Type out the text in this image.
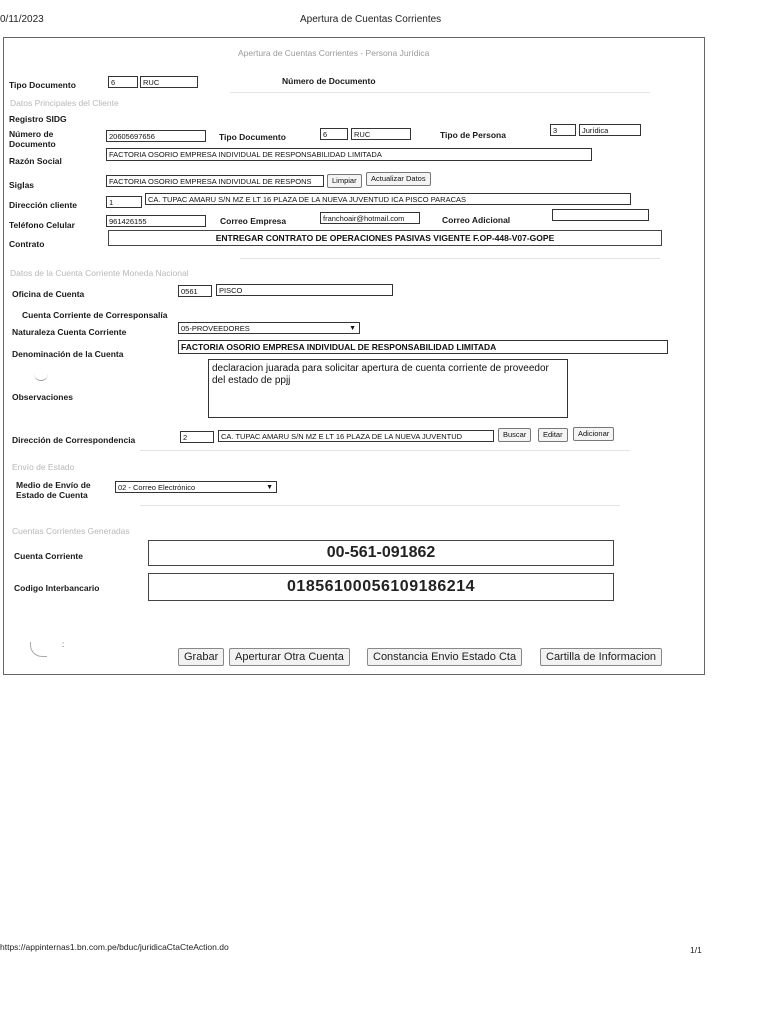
0/11/2023	Apertura de Cuentas Corrientes
Apertura de Cuentas Corrientes - Persona Jurídica
Tipo Documento	6	RUC	Número de Documento
Datos Principales del Cliente
Registro SIDG
Número de Documento
20605697656	Tipo Documento	6	RUC	Tipo de Persona	3	Jurídica
Razón Social
FACTORIA OSORIO EMPRESA INDIVIDUAL DE RESPONSABILIDAD LIMITADA
Siglas	FACTORIA OSORIO EMPRESA INDIVIDUAL DE RESPONS	Limpiar	Actualizar Datos
Dirección cliente	1	CA. TUPAC AMARU S/N MZ E LT 16 PLAZA DE LA NUEVA JUVENTUD ICA PISCO PARACAS
Teléfono Celular	961426155	Correo Empresa	franchoair@hotmail.com	Correo Adicional
Contrato
ENTREGAR CONTRATO DE OPERACIONES PASIVAS VIGENTE F.OP-448-V07-GOPE
Datos de la Cuenta Corriente Moneda Nacional
Oficina de Cuenta	0561	PISCO
Cuenta Corriente de Corresponsalía
Naturaleza Cuenta Corriente	05-PROVEEDORES	▼
Denominación de la Cuenta
FACTORIA OSORIO EMPRESA INDIVIDUAL DE RESPONSABILIDAD LIMITADA
Observaciones
declaracion juarada para solicitar apertura de cuenta corriente de proveedor del estado de ppjj
Dirección de Correspondencia	2	CA. TUPAC AMARU S/N MZ E LT 16 PLAZA DE LA NUEVA JUVENTUD	Buscar	Editar	Adicionar
Envío de Estado
Medio de Envío de
Estado de Cuenta
02 - Correo Electrónico	▼
Cuentas Corrientes Generadas
Cuenta Corriente	00-561-091862
Codigo Interbancario	01856100056109186214
:
Grabar	Aperturar Otra Cuenta	Constancia Envio Estado Cta	Cartilla de Informacion
https://appinternas1.bn.com.pe/bduc/juridicaCtaCteAction.do	1/1
